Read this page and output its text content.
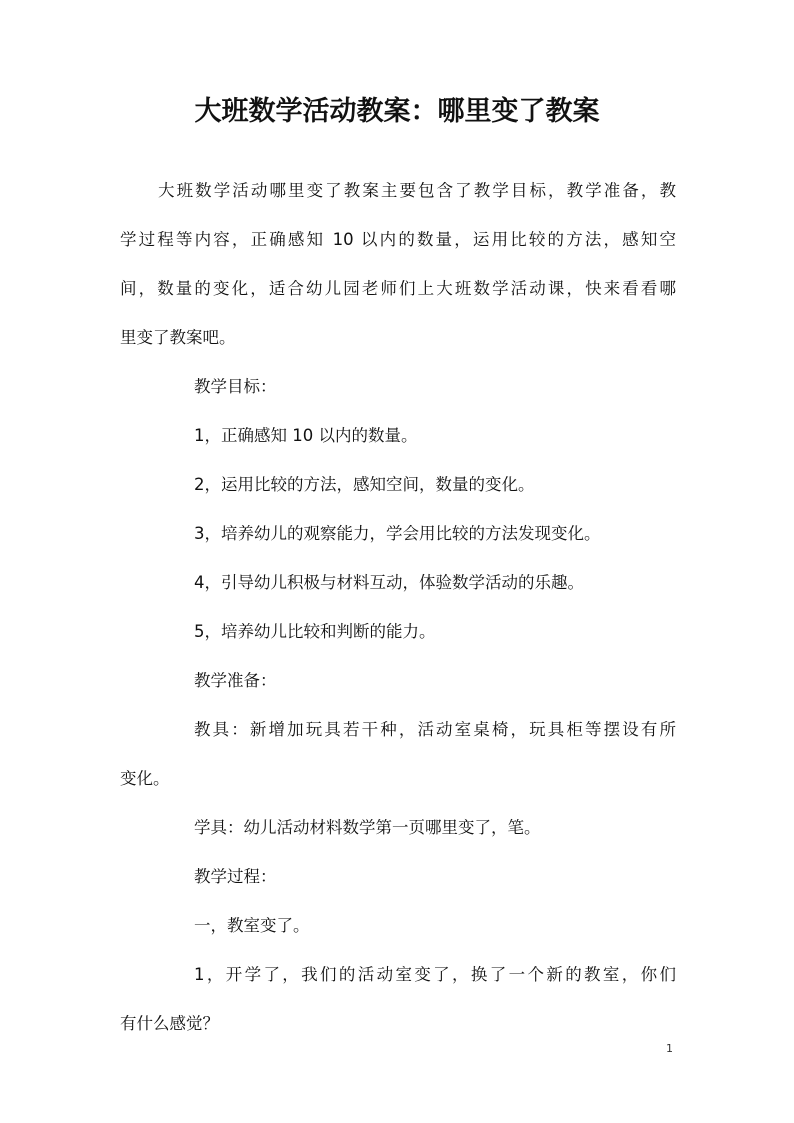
大班数学活动教案：哪里变了教案
大班数学活动哪里变了教案主要包含了教学目标，教学准备，教
学过程等内容，正确感知 10 以内的数量，运用比较的方法，感知空
间，数量的变化，适合幼儿园老师们上大班数学活动课，快来看看哪
里变了教案吧。
教学目标：
1，正确感知 10 以内的数量。
2，运用比较的方法，感知空间，数量的变化。
3，培养幼儿的观察能力，学会用比较的方法发现变化。
4，引导幼儿积极与材料互动，体验数学活动的乐趣。
5，培养幼儿比较和判断的能力。
教学准备：
教具：新增加玩具若干种，活动室桌椅，玩具柜等摆设有所
变化。
学具：幼儿活动材料数学第一页哪里变了，笔。
教学过程：
一，教室变了。
1，开学了，我们的活动室变了，换了一个新的教室，你们
有什么感觉？
1
